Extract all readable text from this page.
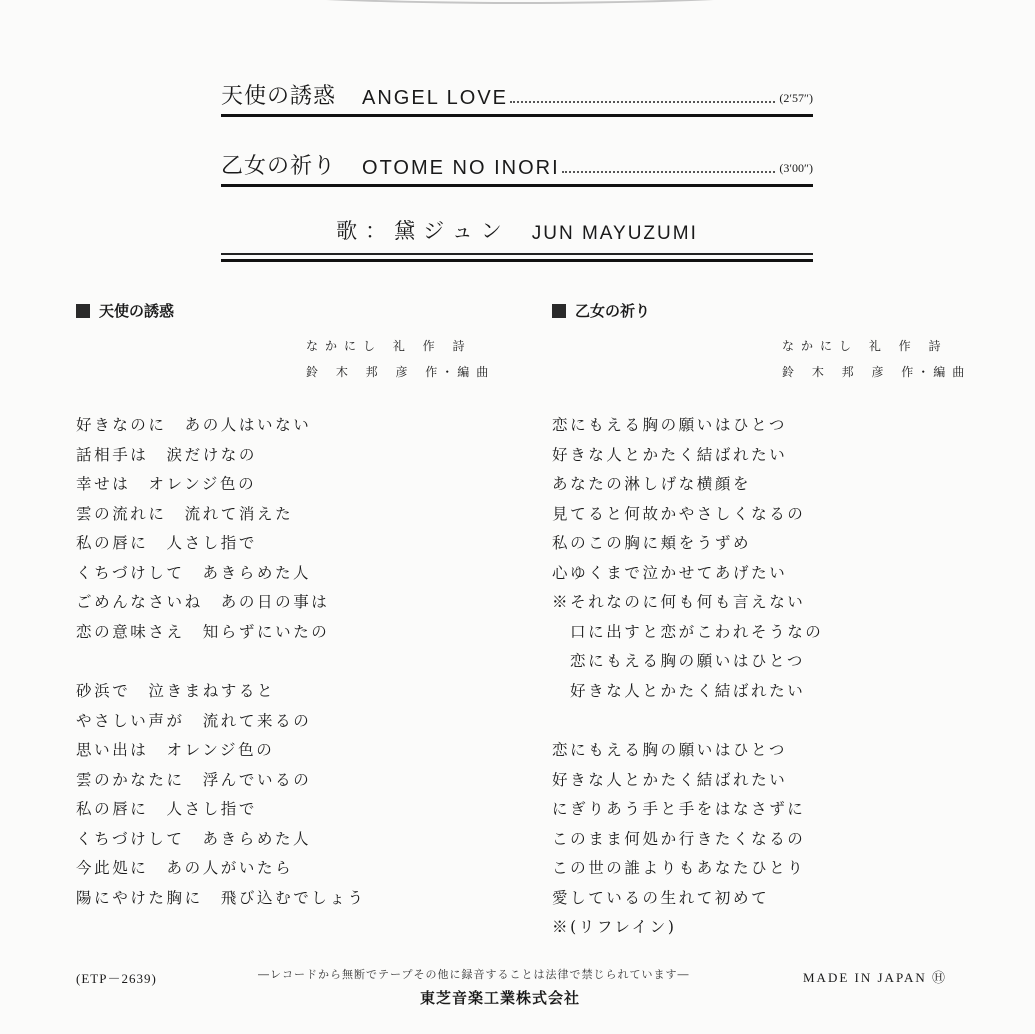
天使の誘惑 ANGEL LOVE	(2′57″)
乙女の祈り OTOME NO INORI	(3′00″)
歌：黛ジュン JUN MAYUZUMI
天使の誘惑
なかにし 礼 作 詩
鈴 木 邦 彦 作･編曲
好きなのに　あの人はいない
話相手は　涙だけなの
幸せは　オレンジ色の
雲の流れに　流れて消えた
私の唇に　人さし指で
くちづけして　あきらめた人
ごめんなさいね　あの日の事は
恋の意味さえ　知らずにいたの
砂浜で　泣きまねすると
やさしい声が　流れて来るの
思い出は　オレンジ色の
雲のかなたに　浮んでいるの
私の唇に　人さし指で
くちづけして　あきらめた人
今此処に　あの人がいたら
陽にやけた胸に　飛び込むでしょう
乙女の祈り
なかにし 礼 作 詩
鈴 木 邦 彦 作･編曲
恋にもえる胸の願いはひとつ
好きな人とかたく結ばれたい
あなたの淋しげな横顔を
見てると何故かやさしくなるの
私のこの胸に頬をうずめ
心ゆくまで泣かせてあげたい
※それなのに何も何も言えない
口に出すと恋がこわれそうなの
恋にもえる胸の願いはひとつ
好きな人とかたく結ばれたい
恋にもえる胸の願いはひとつ
好きな人とかたく結ばれたい
にぎりあう手と手をはなさずに
このまま何処か行きたくなるの
この世の誰よりもあなたひとり
愛しているの生れて初めて
※(リフレイン)
(ETP－2639)	―レコードから無断でテープその他に録音することは法律で禁じられています―
東芝音楽工業株式会社
MADE IN JAPAN Ⓗ
